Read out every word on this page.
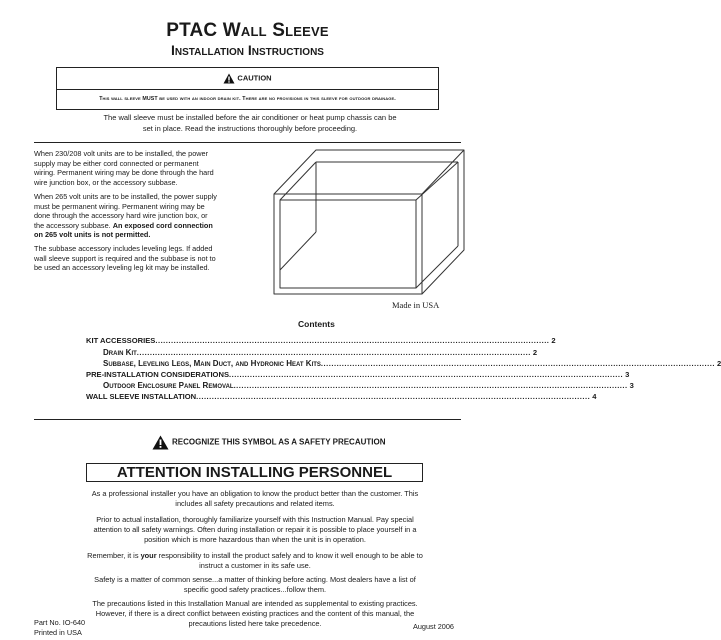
PTAC Wall Sleeve
Installation Instructions
CAUTION
This wall sleeve MUST be used with an indoor drain kit. There are no provisions in this sleeve for outdoor drainage.
The wall sleeve must be installed before the air conditioner or heat pump chassis can be
set in place. Read the instructions thoroughly before proceeding.
When 230/208 volt units are to be installed, the power
supply may be either cord connected or permanent
wiring. Permanent wiring may be done through the hard
wire junction box, or the accessory subbase.
When 265 volt units are to be installed, the power supply
must be permanent wiring. Permanent wiring may be
done through the accessory hard wire junction box, or
the accessory subbase. An exposed cord connection
on 265 volt units is not permitted.
The subbase accessory includes leveling legs. If added
wall sleeve support is required and the subbase is not to
be used an accessory leveling leg kit may be installed.
Made in USA
Contents
KIT ACCESSORIES ....................................................................................................................................................... 2
Drain Kit ....................................................................................................................................................... 2
Subbase, Leveling Legs, Main Duct, and Hydronic Heat Kits ....................................................................................................................................................... 2
PRE-INSTALLATION CONSIDERATIONS ....................................................................................................................................................... 3
Outdoor Enclosure Panel Removal ....................................................................................................................................................... 3
WALL SLEEVE INSTALLATION ....................................................................................................................................................... 4
RECOGNIZE THIS SYMBOL AS A SAFETY PRECAUTION
ATTENTION INSTALLING PERSONNEL
As a professional installer you have an obligation to know the product better than the customer. This
includes all safety precautions and related items.
Prior to actual installation, thoroughly familiarize yourself with this Instruction Manual. Pay special
attention to all safety warnings. Often during installation or repair it is possible to place yourself in a
position which is more hazardous than when the unit is in operation.
Remember, it is your responsibility to install the product safely and to know it well enough to be able to
instruct a customer in its safe use.
Safety is a matter of common sense...a matter of thinking before acting. Most dealers have a list of
specific good safety practices...follow them.
The precautions listed in this Installation Manual are intended as supplemental to existing practices.
However, if there is a direct conflict between existing practices and the content of this manual, the
precautions listed here take precedence.
Part No. IO-640
Printed in USA
August 2006
